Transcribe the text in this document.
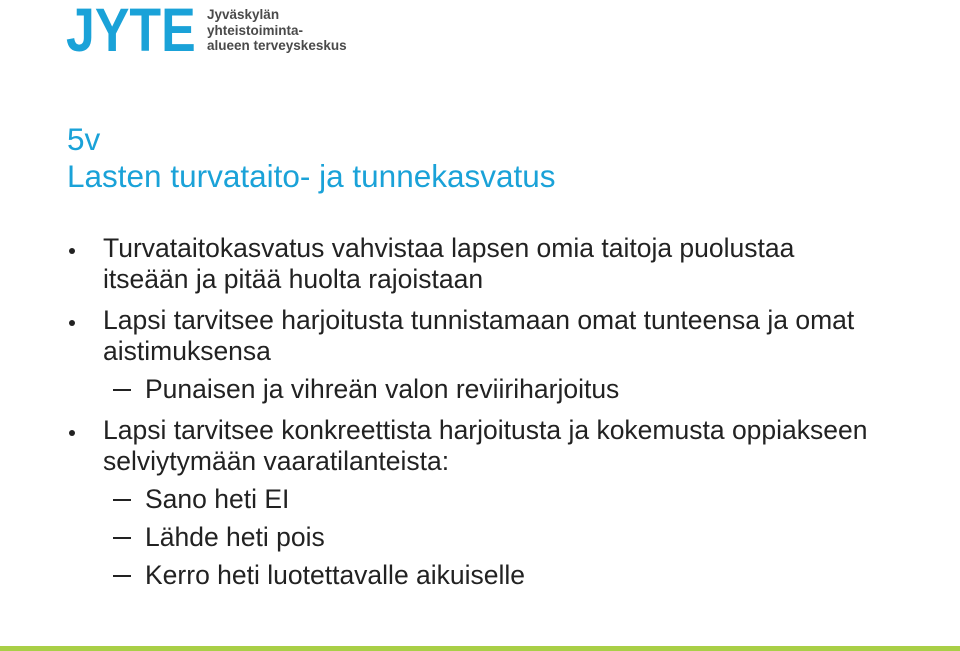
JYTE Jyväskylän
yhteistoiminta-
alueen terveyskeskus
5v
Lasten turvataito- ja tunnekasvatus
Turvataitokasvatus vahvistaa lapsen omia taitoja puolustaa
itseään ja pitää huolta rajoistaan
Lapsi tarvitsee harjoitusta tunnistamaan omat tunteensa ja omat
aistimuksensa
Punaisen ja vihreän valon reviiriharjoitus
Lapsi tarvitsee konkreettista harjoitusta ja kokemusta oppiakseen
selviytymään vaaratilanteista:
Sano heti EI
Lähde heti pois
Kerro heti luotettavalle aikuiselle
